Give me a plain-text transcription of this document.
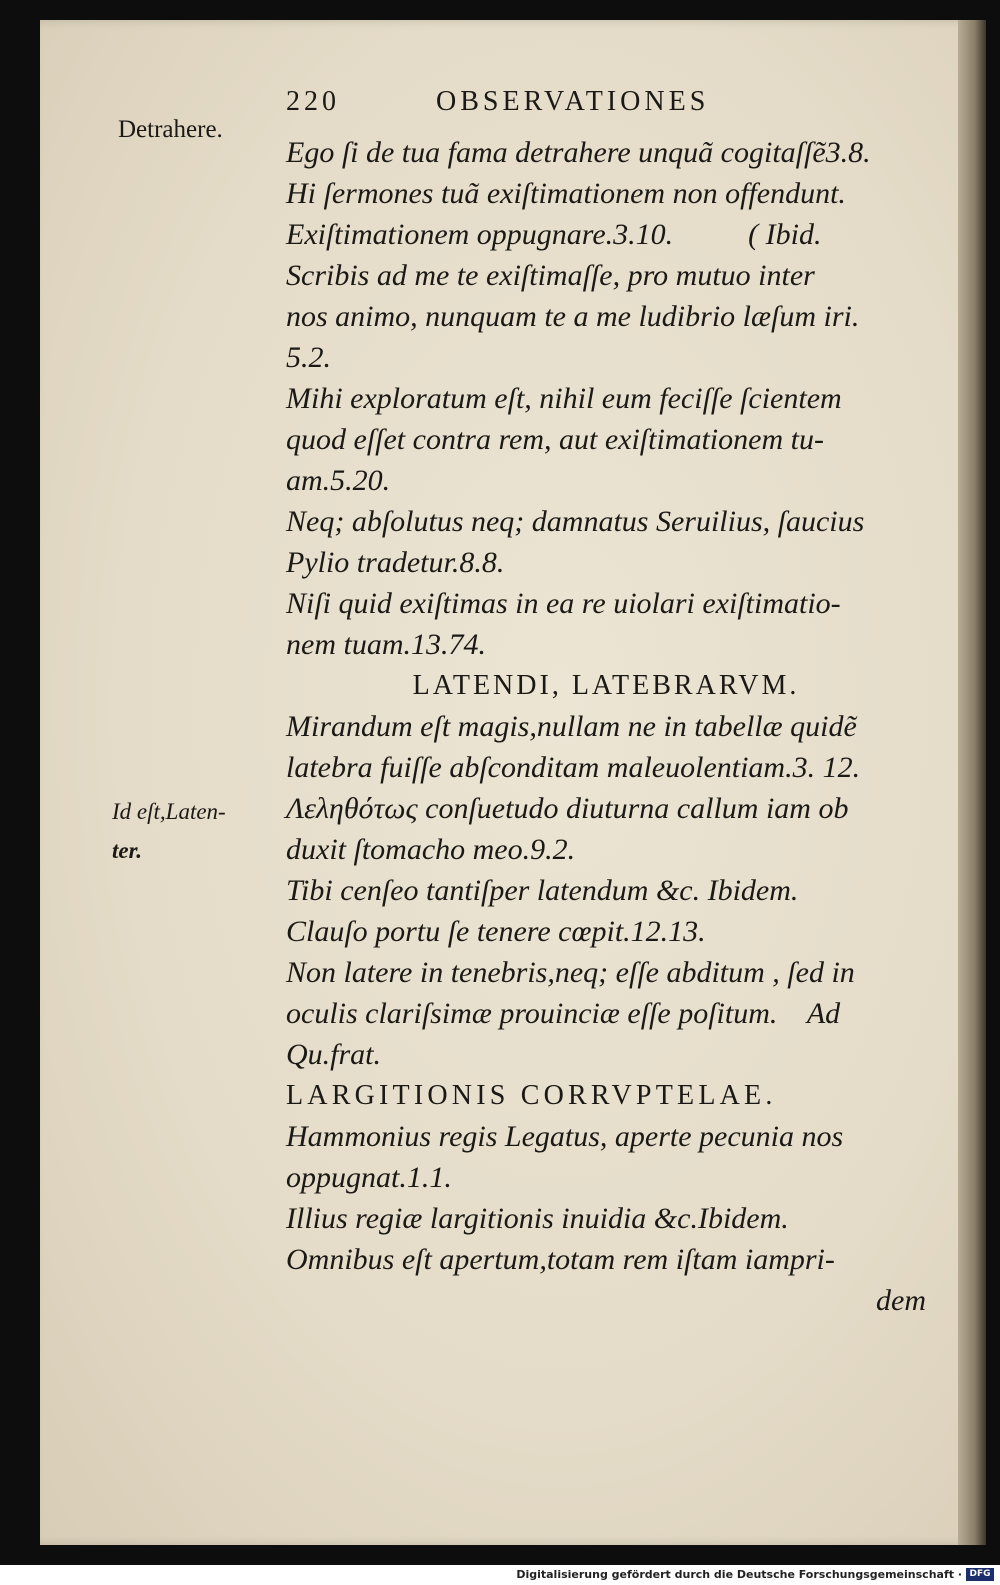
220	OBSERVATIONES
Detrahere.
Id eſt,Laten-
ter.
Ego ſi de tua fama detrahere unquã cogitaſſẽ3.8.
Hi ſermones tuã exiſtimationem non offendunt.
Exiſtimationem oppugnare.3.10.          ( Ibid.
Scribis ad me te exiſtimaſſe, pro mutuo inter
nos animo, nunquam te a me ludibrio læſum iri.
5.2.
Mihi exploratum eſt, nihil eum feciſſe ſcientem
quod eſſet contra rem, aut exiſtimationem tu-
am.5.20.
Neq; abſolutus neq; damnatus Seruilius, ſaucius
Pylio tradetur.8.8.
Niſi quid exiſtimas in ea re uiolari exiſtimatio-
nem tuam.13.74.
LATENDI, LATEBRARVM.
Mirandum eſt magis,nullam ne in tabellæ quidẽ
latebra fuiſſe abſconditam maleuolentiam.3. 12.
Λεληθότως conſuetudo diuturna callum iam ob
duxit ſtomacho meo.9.2.
Tibi cenſeo tantiſper latendum &c. Ibidem.
Clauſo portu ſe tenere cœpit.12.13.
Non latere in tenebris,neq; eſſe abditum , ſed in
oculis clariſsimæ prouinciæ eſſe poſitum.    Ad
Qu.frat.
LARGITIONIS CORRVPTELAE.
Hammonius regis Legatus, aperte pecunia nos
oppugnat.1.1.
Illius regiæ largitionis inuidia &c.Ibidem.
Omnibus eſt apertum,totam rem iſtam iampri-
dem
Digitalisierung gefördert durch die Deutsche Forschungsgemeinschaft · DFG
